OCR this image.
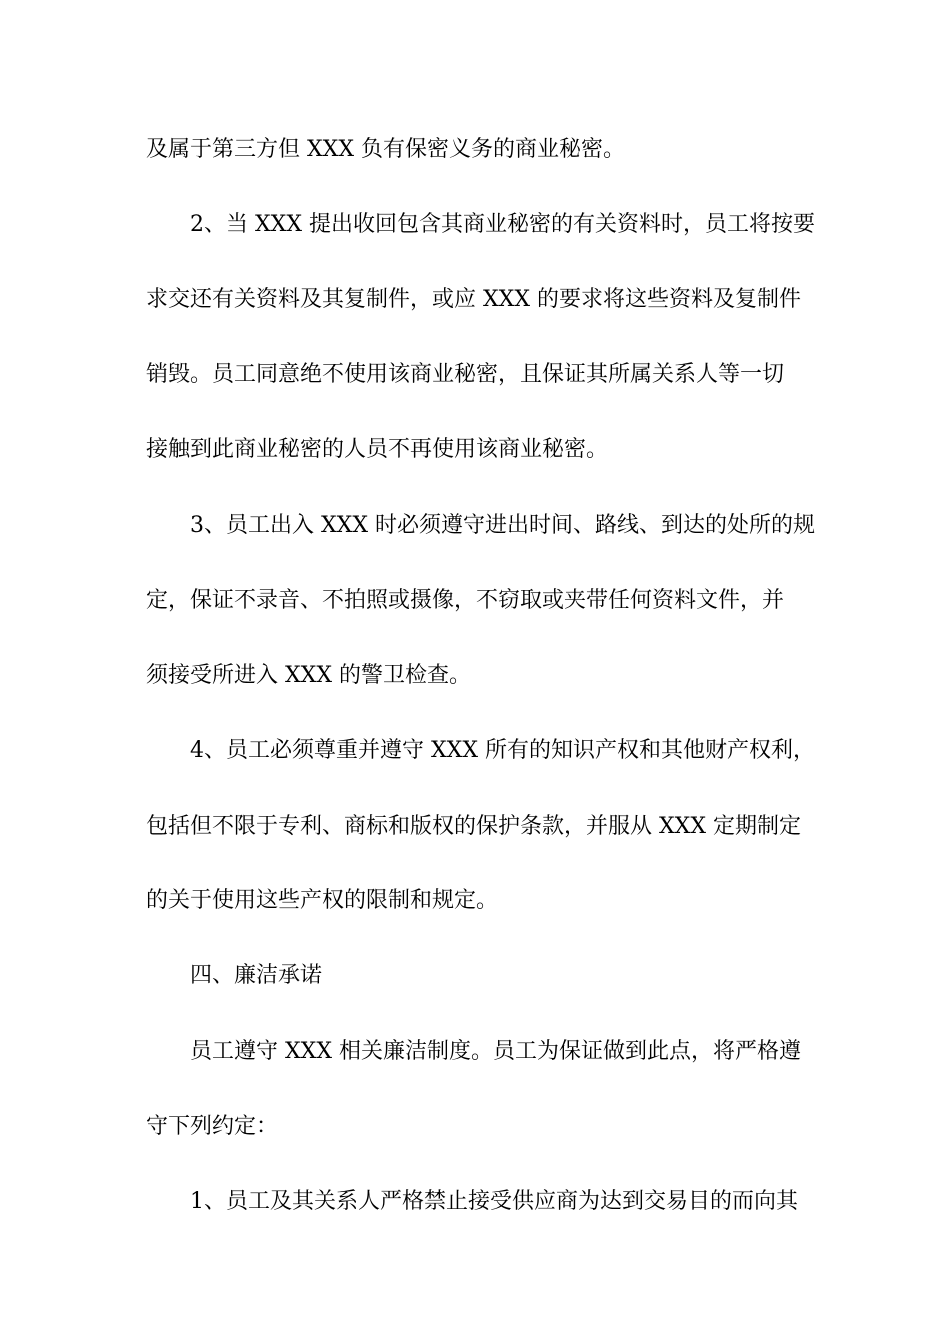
及属于第三方但 XXX 负有保密义务的商业秘密。
2、当 XXX 提出收回包含其商业秘密的有关资料时，员工将按要
求交还有关资料及其复制件，或应 XXX 的要求将这些资料及复制件
销毁。员工同意绝不使用该商业秘密，且保证其所属关系人等一切
接触到此商业秘密的人员不再使用该商业秘密。
3、员工出入 XXX 时必须遵守进出时间、路线、到达的处所的规
定，保证不录音、不拍照或摄像，不窃取或夹带任何资料文件，并
须接受所进入 XXX 的警卫检查。
4、员工必须尊重并遵守 XXX 所有的知识产权和其他财产权利，
包括但不限于专利、商标和版权的保护条款，并服从 XXX 定期制定
的关于使用这些产权的限制和规定。
四、廉洁承诺
员工遵守 XXX 相关廉洁制度。员工为保证做到此点，将严格遵
守下列约定：
1、员工及其关系人严格禁止接受供应商为达到交易目的而向其
